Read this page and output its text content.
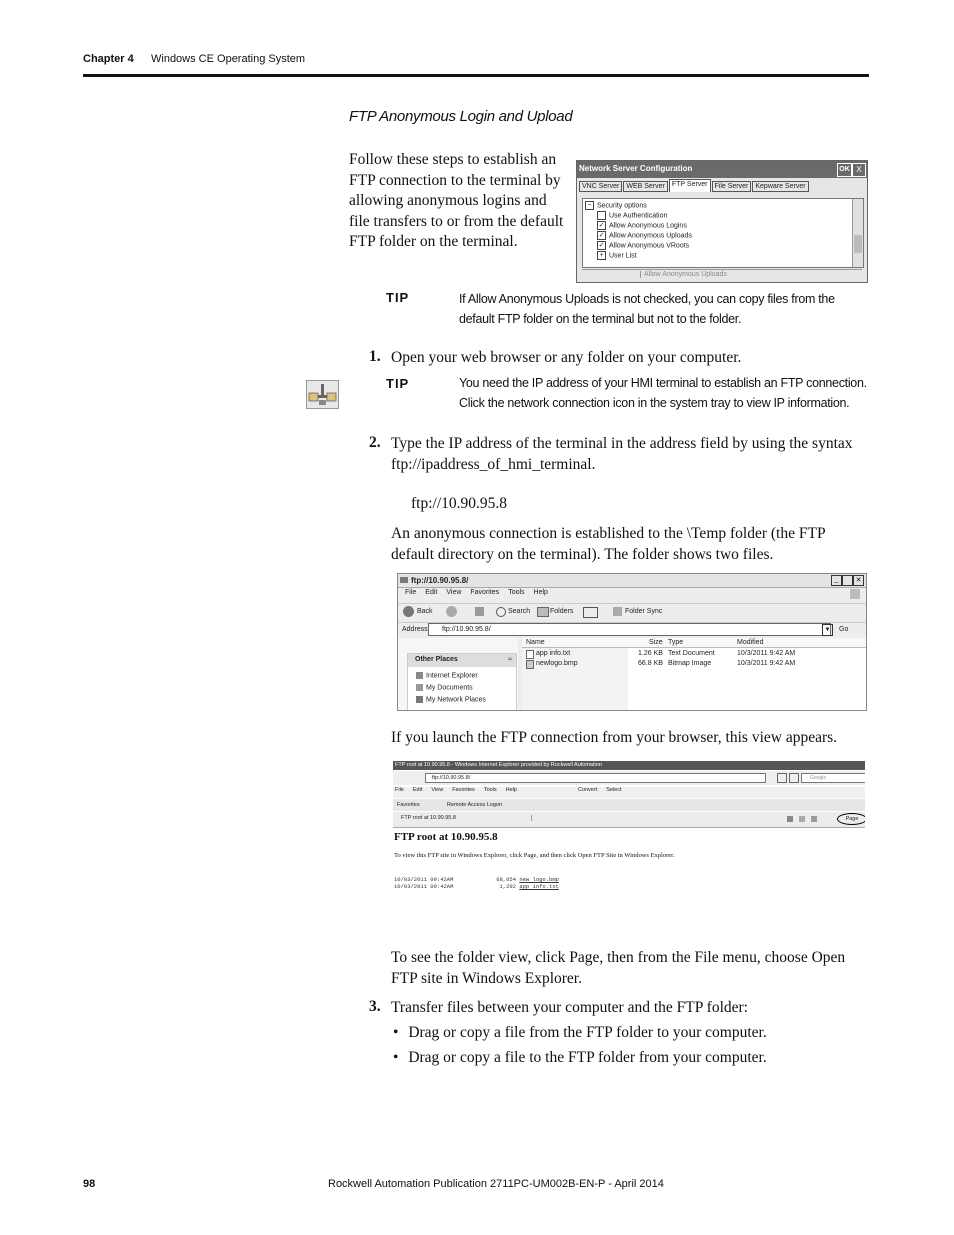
Chapter 4 Windows CE Operating System
FTP Anonymous Login and Upload
Follow these steps to establish an FTP connection to the terminal by allowing anonymous logins and file transfers to or from the default FTP folder on the terminal.
Network Server Configuration	OK X
VNC Server	WEB Server	FTP Server	File Server	Kepware Server
− Security options
Use Authentication
✓ Allow Anonymous Logins
✓ Allow Anonymous Uploads
✓ Allow Anonymous VRoots
+ User List
Allow Anonymous Uploads
TIP	If Allow Anonymous Uploads is not checked, you can copy files from the default FTP folder on the terminal but not to the folder.
1. Open your web browser or any folder on your computer.
TIP	You need the IP address of your HMI terminal to establish an FTP connection. Click the network connection icon in the system tray to view IP information.
2. Type the IP address of the terminal in the address field by using the syntax ftp://ipaddress_of_hmi_terminal.
ftp://10.90.95.8
An anonymous connection is established to the \Temp folder (the FTP default directory on the terminal). The folder shows two files.
ftp://10.90.95.8/	_	✕
File Edit View Favorites Tools Help
Back	Search	Folders	Folder Sync
Address	ftp://10.90.95.8/	▼	Go
Other Places	≈
Internet Explorer
My Documents
My Network Places
Name	Size Type	Modified
app info.txt	1.26 KB Text Document	10/3/2011 9:42 AM
newlogo.bmp	66.8 KB Bitmap Image	10/3/2011 9:42 AM
If you launch the FTP connection from your browser, this view appears.
FTP root at 10.90.95.8 - Windows Internet Explorer provided by Rockwell Automation
ftp://10.90.95.8/	Google
File Edit View Favorites Tools Help	Convert Select
Favorites	Remote Access Logon
FTP root at 10.90.95.8	Page
FTP root at 10.90.95.8
To view this FTP site in Windows Explorer, click Page, and then click Open FTP Site in Windows Explorer.
10/03/2011 09:42AM	68,654 new logo.bmp
10/03/2011 09:42AM	1,292 app info.txt
To see the folder view, click Page, then from the File menu, choose Open FTP site in Windows Explorer.
3. Transfer files between your computer and the FTP folder:
• Drag or copy a file from the FTP folder to your computer.
• Drag or copy a file to the FTP folder from your computer.
98	Rockwell Automation Publication 2711PC-UM002B-EN-P - April 2014
